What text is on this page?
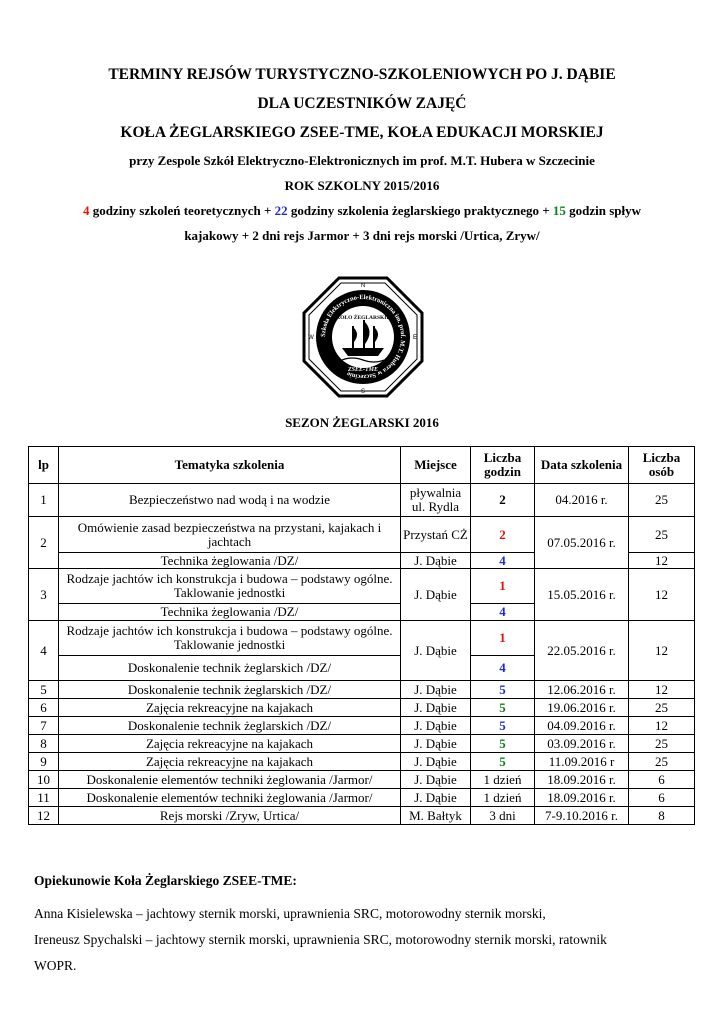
TERMINY REJSÓW TURYSTYCZNO-SZKOLENIOWYCH PO J. DĄBIE
DLA UCZESTNIKÓW ZAJĘĆ
KOŁA ŻEGLARSKIEGO ZSEE-TME, KOŁA EDUKACJI MORSKIEJ
przy Zespole Szkół Elektryczno-Elektronicznych im prof. M.T. Hubera w Szczecinie
ROK SZKOLNY 2015/2016
4 godziny szkoleń teoretycznych + 22 godziny szkolenia żeglarskiego praktycznego + 15 godzin spływ
kajakowy + 2 dni rejs Jarmor + 3 dni rejs morski /Urtica, Zryw/
Szkoła Elektryczno-Elektroniczna im. prof. M.T. Hubera w Szczecinie
KOŁO ŻEGLARSKIE
ZSEE-TME
N
E
S
W
SEZON ŻEGLARSKI 2016
lp	Tematyka szkolenia	Miejsce	Liczba godzin	Data szkolenia	Liczba osób
1	Bezpieczeństwo nad wodą i na wodzie	pływalnia ul. Rydla	2	04.2016 r.	25
2	Omówienie zasad bezpieczeństwa na przystani, kajakach i jachtach	Przystań CŻ	2	07.05.2016 r.	25
	Technika żeglowania /DZ/	J. Dąbie	4		12
3	Rodzaje jachtów ich konstrukcja i budowa – podstawy ogólne. Taklowanie jednostki	J. Dąbie	1	15.05.2016 r.	12
	Technika żeglowania /DZ/		4		
4	Rodzaje jachtów ich konstrukcja i budowa – podstawy ogólne. Taklowanie jednostki	J. Dąbie	1	22.05.2016 r.	12
	Doskonalenie technik żeglarskich /DZ/		4		
5	Doskonalenie technik żeglarskich /DZ/	J. Dąbie	5	12.06.2016 r.	12
6	Zajęcia rekreacyjne na kajakach	J. Dąbie	5	19.06.2016 r.	25
7	Doskonalenie technik żeglarskich /DZ/	J. Dąbie	5	04.09.2016 r.	12
8	Zajęcia rekreacyjne na kajakach	J. Dąbie	5	03.09.2016 r.	25
9	Zajęcia rekreacyjne na kajakach	J. Dąbie	5	11.09.2016 r	25
10	Doskonalenie elementów techniki żeglowania /Jarmor/	J. Dąbie	1 dzień	18.09.2016 r.	6
11	Doskonalenie elementów techniki żeglowania /Jarmor/	J. Dąbie	1 dzień	18.09.2016 r.	6
12	Rejs morski /Zryw, Urtica/	M. Bałtyk	3 dni	7-9.10.2016 r.	8
Opiekunowie Koła Żeglarskiego ZSEE-TME:
Anna Kisielewska – jachtowy sternik morski, uprawnienia SRC, motorowodny sternik morski,
Ireneusz Spychalski – jachtowy sternik morski, uprawnienia SRC, motorowodny sternik morski, ratownik
WOPR.
